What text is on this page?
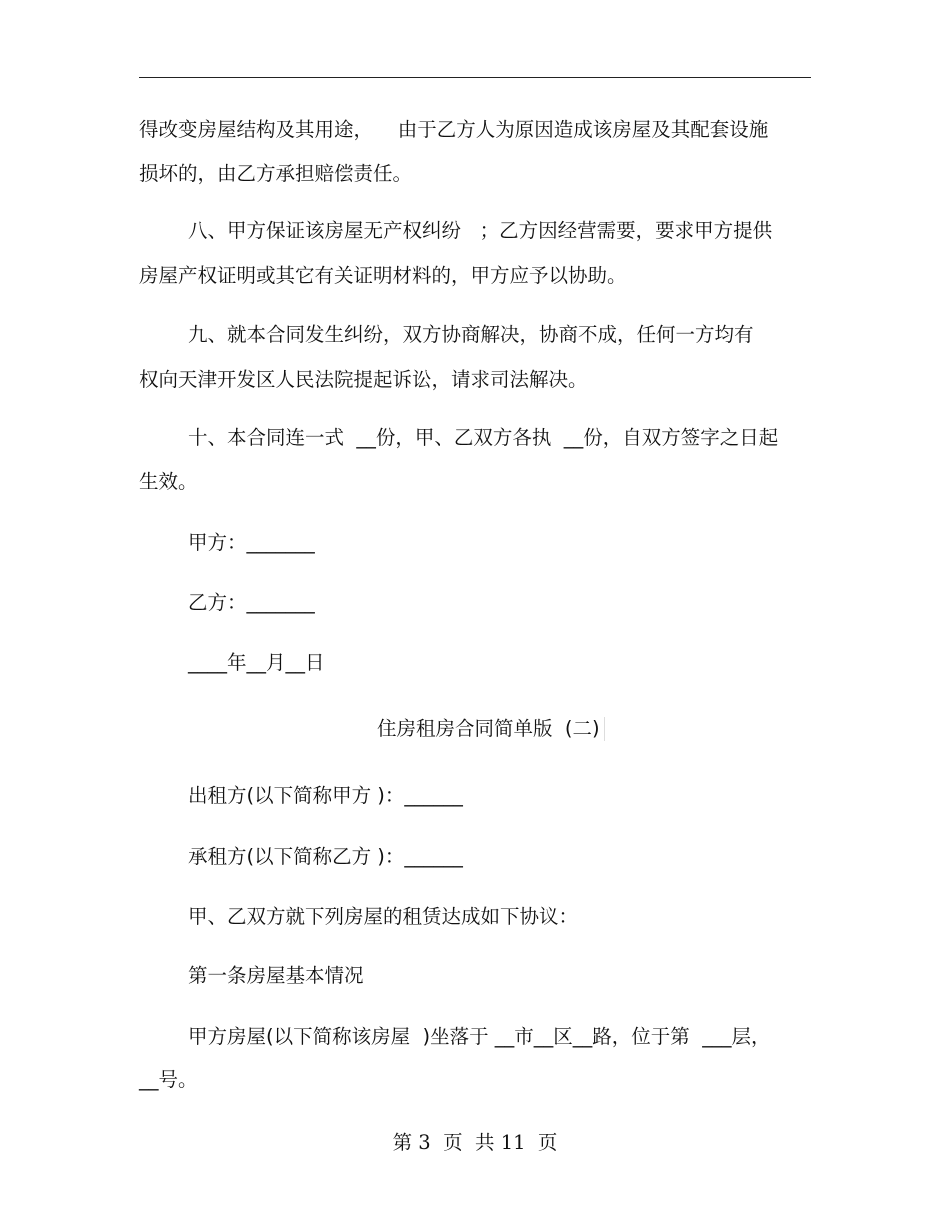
得改变房屋结构及其用途，    由于乙方人为原因造成该房屋及其配套设施
损坏的，由乙方承担赔偿责任。
八、甲方保证该房屋无产权纠纷   ；乙方因经营需要，要求甲方提供
房屋产权证明或其它有关证明材料的，甲方应予以协助。
九、就本合同发生纠纷，双方协商解决，协商不成，任何一方均有
权向天津开发区人民法院提起诉讼，请求司法解决。
十、本合同连一式  __份，甲、乙双方各执  __份，自双方签字之日起
生效。
甲方：_______
乙方：_______
____年__月__日
住房租房合同简单版  (二)
出租方(以下简称甲方 )：______
承租方(以下简称乙方 )：______
甲、乙双方就下列房屋的租赁达成如下协议：
第一条房屋基本情况
甲方房屋(以下简称该房屋  )坐落于 __市__区__路，位于第  ___层，
__号。
第 3  页  共 11  页
